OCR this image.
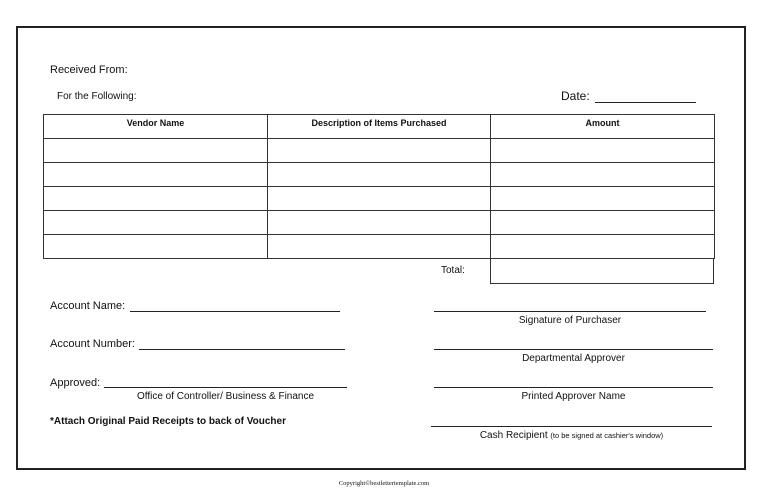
Received From:
For the Following:	Date:
Vendor Name	Description of Items Purchased	Amount

Total:
Account Name:
Account Number:
Approved:
Office of Controller/ Business & Finance
Signature of Purchaser
Departmental Approver
Printed Approver Name
*Attach Original Paid Receipts to back of Voucher
Cash Recipient (to be signed at cashier's window)
Copyright©bestlettertemplate.com
